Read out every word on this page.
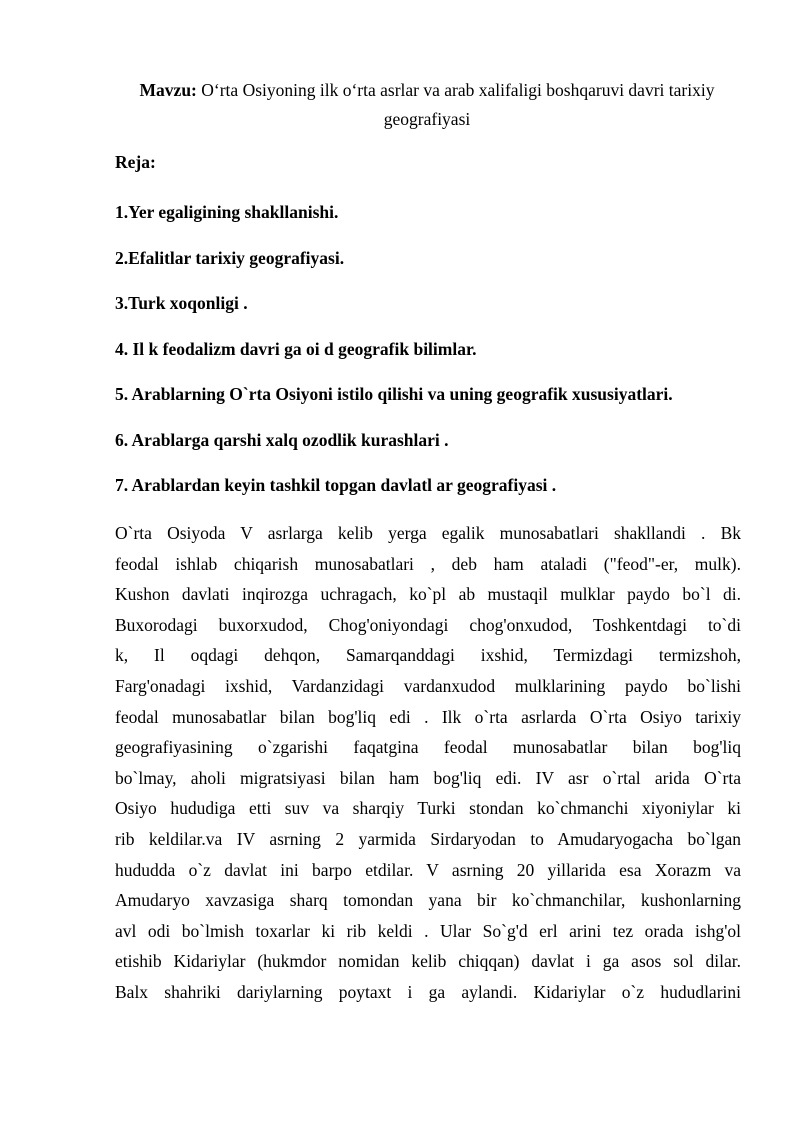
Mavzu: O‘rta Osiyoning ilk o‘rta asrlar va arab xalifaligi boshqaruvi davri tarixiy geografiyasi
Reja:
1.Yer egaligining shakllanishi.
2.Efalitlar tarixiy geografiyasi.
3.Turk xoqonligi .
4. Il k feodalizm davri ga oi d geografik bilimlar.
5. Arablarning O`rta Osiyoni istilo qilishi va uning geografik xususiyatlari.
6. Arablarga qarshi xalq ozodlik kurashlari .
7. Arablardan keyin tashkil topgan davlatl ar geografiyasi .
O`rta Osiyoda V asrlarga kelib yerga egalik munosabatlari shakllandi . Bk
feodal ishlab chiqarish munosabatlari , deb ham ataladi ("feod"-er, mulk).
Kushon davlati inqirozga uchragach, ko`pl ab mustaqil mulklar paydo bo`l di.
Buxorodagi buxorxudod, Chog'oniyondagi chog'onxudod, Toshkentdagi to`di
k, Il oqdagi dehqon, Samarqanddagi ixshid, Termizdagi termizshoh,
Farg'onadagi ixshid, Vardanzidagi vardanxudod mulklarining paydo bo`lishi
feodal munosabatlar bilan bog'liq edi . Ilk o`rta asrlarda O`rta Osiyo tarixiy
geografiyasining o`zgarishi faqatgina feodal munosabatlar bilan bog'liq
bo`lmay, aholi migratsiyasi bilan ham bog'liq edi. IV asr o`rtal arida O`rta
Osiyo hududiga etti suv va sharqiy Turki stondan ko`chmanchi xiyoniylar ki
rib keldilar.va IV asrning 2 yarmida Sirdaryodan to Amudaryogacha bo`lgan
hududda o`z davlat ini barpo etdilar. V asrning 20 yillarida esa Xorazm va
Amudaryo xavzasiga sharq tomondan yana bir ko`chmanchilar, kushonlarning
avl odi bo`lmish toxarlar ki rib keldi . Ular So`g'd erl arini tez orada ishg'ol
etishib Kidariylar (hukmdor nomidan kelib chiqqan) davlat i ga asos sol dilar.
Balx shahriki dariylarning poytaxt i ga aylandi. Kidariylar o`z hududlarini
